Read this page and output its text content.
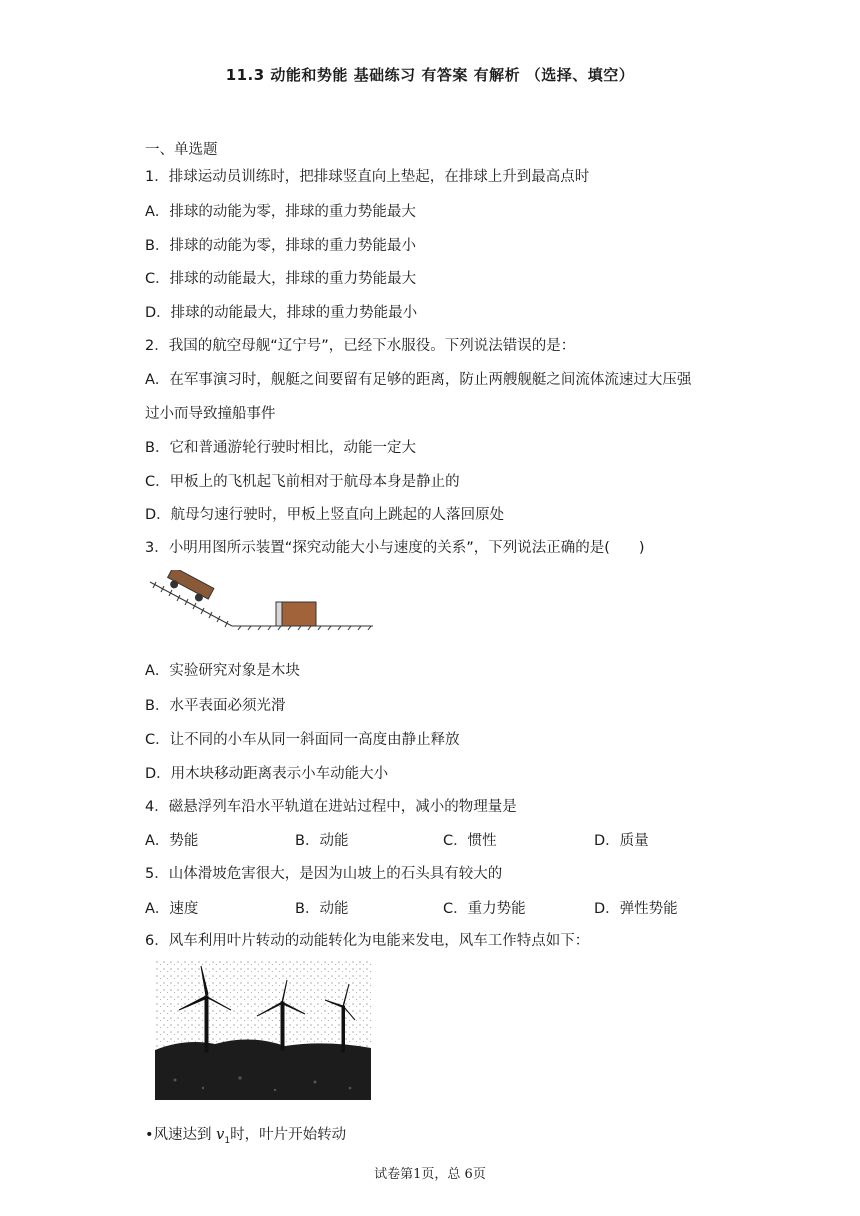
11.3 动能和势能 基础练习 有答案 有解析 （选择、填空）
一、单选题
1．排球运动员训练时，把排球竖直向上垫起，在排球上升到最高点时
A．排球的动能为零，排球的重力势能最大
B．排球的动能为零，排球的重力势能最小
C．排球的动能最大，排球的重力势能最大
D．排球的动能最大，排球的重力势能最小
2．我国的航空母舰“辽宁号”，已经下水服役。下列说法错误的是：
A．在军事演习时，舰艇之间要留有足够的距离，防止两艘舰艇之间流体流速过大压强
过小而导致撞船事件
B．它和普通游轮行驶时相比，动能一定大
C．甲板上的飞机起飞前相对于航母本身是静止的
D．航母匀速行驶时，甲板上竖直向上跳起的人落回原处
3．小明用图所示装置“探究动能大小与速度的关系”，下列说法正确的是(　　)
A．实验研究对象是木块
B．水平表面必须光滑
C．让不同的小车从同一斜面同一高度由静止释放
D．用木块移动距离表示小车动能大小
4．磁悬浮列车沿水平轨道在进站过程中，减小的物理量是
A．势能	B．动能	C．惯性	D．质量
5．山体滑坡危害很大，是因为山坡上的石头具有较大的
A．速度	B．动能	C．重力势能	D．弹性势能
6．风车利用叶片转动的动能转化为电能来发电，风车工作特点如下：
•风速达到 $v_1$时，叶片开始转动
试卷第1页，总 6页
